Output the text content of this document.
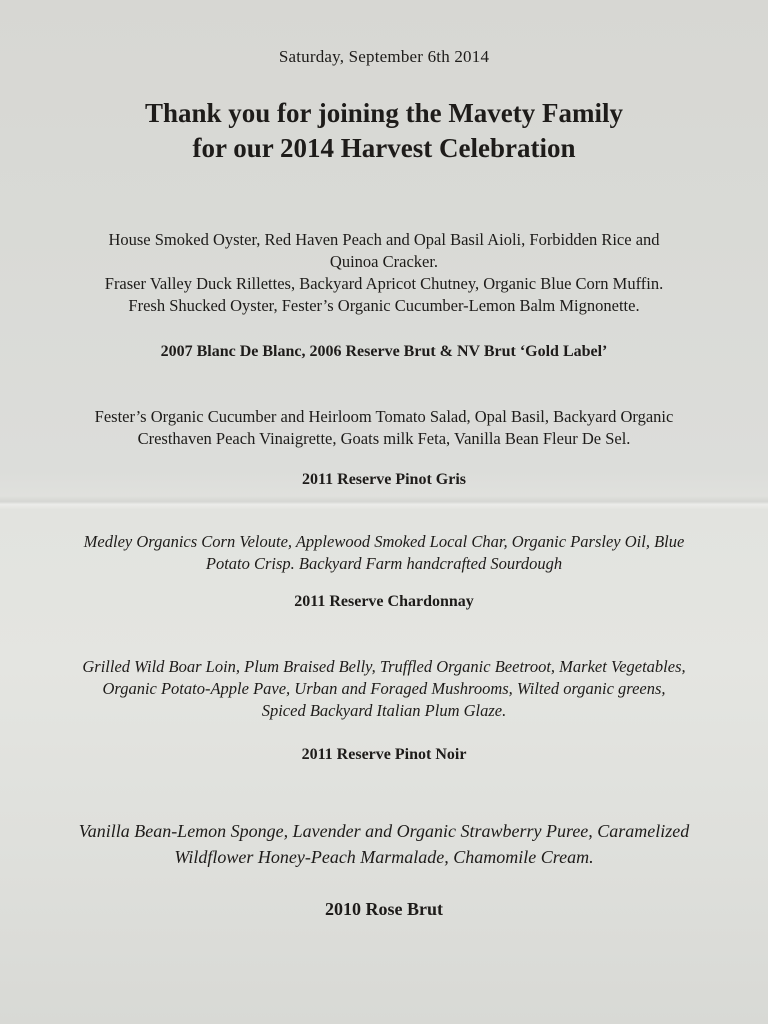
Saturday, September 6th 2014
Thank you for joining the Mavety Family
for our 2014 Harvest Celebration
House Smoked Oyster, Red Haven Peach and Opal Basil Aioli, Forbidden Rice and
Quinoa Cracker.
Fraser Valley Duck Rillettes, Backyard Apricot Chutney, Organic Blue Corn Muffin.
Fresh Shucked Oyster, Fester’s Organic Cucumber-Lemon Balm Mignonette.
2007 Blanc De Blanc, 2006 Reserve Brut & NV Brut ‘Gold Label’
Fester’s Organic Cucumber and Heirloom Tomato Salad, Opal Basil, Backyard Organic
Cresthaven Peach Vinaigrette, Goats milk Feta, Vanilla Bean Fleur De Sel.
2011 Reserve Pinot Gris
Medley Organics Corn Veloute, Applewood Smoked Local Char, Organic Parsley Oil, Blue
Potato Crisp. Backyard Farm handcrafted Sourdough
2011 Reserve Chardonnay
Grilled Wild Boar Loin, Plum Braised Belly, Truffled Organic Beetroot, Market Vegetables,
Organic Potato-Apple Pave, Urban and Foraged Mushrooms, Wilted organic greens,
Spiced Backyard Italian Plum Glaze.
2011 Reserve Pinot Noir
Vanilla Bean-Lemon Sponge, Lavender and Organic Strawberry Puree, Caramelized
Wildflower Honey-Peach Marmalade, Chamomile Cream.
2010 Rose Brut
